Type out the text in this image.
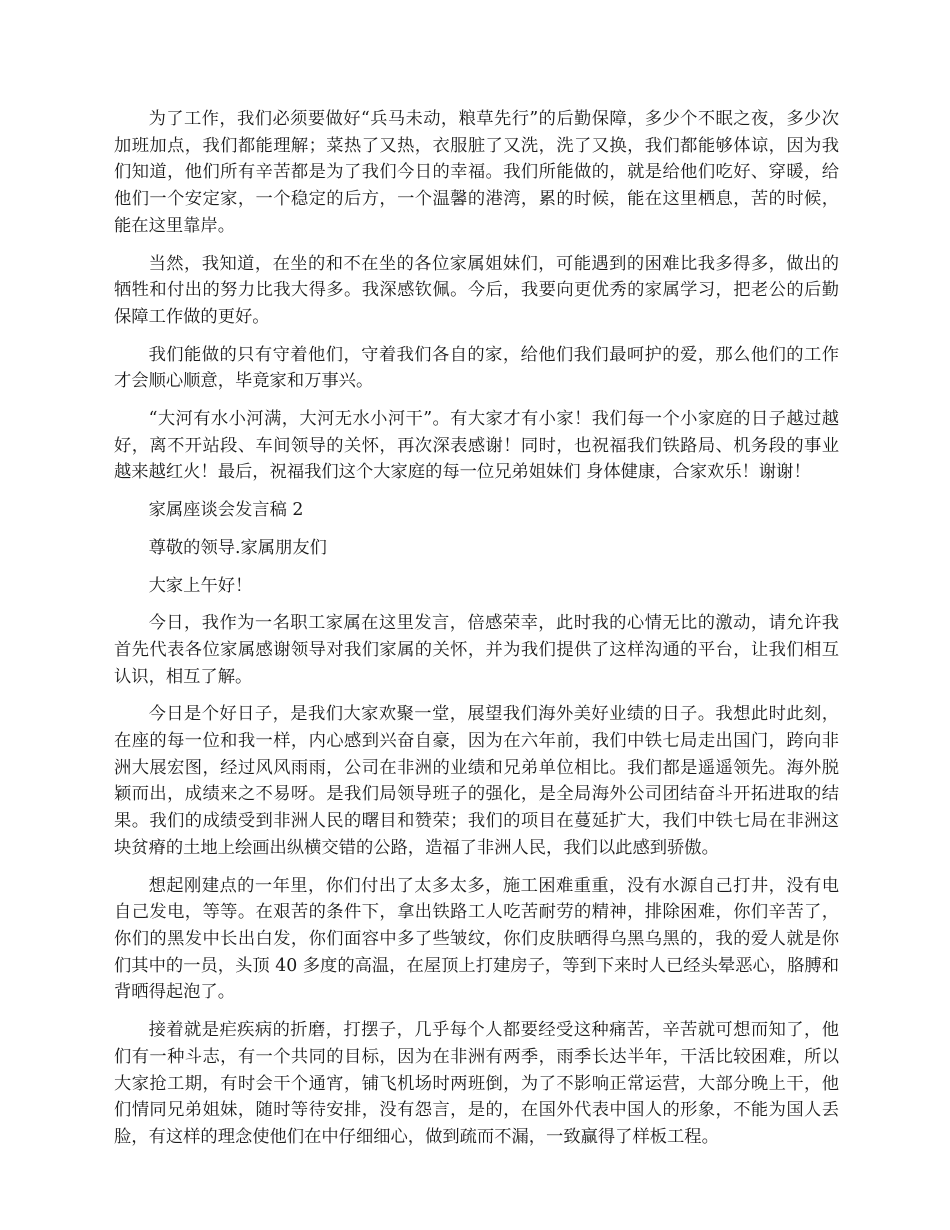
为了工作，我们必须要做好“兵马未动，粮草先行”的后勤保障，多少个不眠之夜，多少次加班加点，我们都能理解；菜热了又热，衣服脏了又洗，洗了又换，我们都能够体谅，因为我们知道，他们所有辛苦都是为了我们今日的幸福。我们所能做的，就是给他们吃好、穿暖，给他们一个安定家，一个稳定的后方，一个温馨的港湾，累的时候，能在这里栖息，苦的时候，能在这里靠岸。

当然，我知道，在坐的和不在坐的各位家属姐妹们，可能遇到的困难比我多得多，做出的牺牲和付出的努力比我大得多。我深感钦佩。今后，我要向更优秀的家属学习，把老公的后勤保障工作做的更好。

我们能做的只有守着他们，守着我们各自的家，给他们我们最呵护的爱，那么他们的工作才会顺心顺意，毕竟家和万事兴。

“大河有水小河满，大河无水小河干”。有大家才有小家！我们每一个小家庭的日子越过越好，离不开站段、车间领导的关怀，再次深表感谢！同时，也祝福我们铁路局、机务段的事业越来越红火！最后，祝福我们这个大家庭的每一位兄弟姐妹们 身体健康，合家欢乐！谢谢！

家属座谈会发言稿 2

尊敬的领导.家属朋友们

大家上午好！

今日，我作为一名职工家属在这里发言，倍感荣幸，此时我的心情无比的激动，请允许我首先代表各位家属感谢领导对我们家属的关怀，并为我们提供了这样沟通的平台，让我们相互认识，相互了解。

今日是个好日子，是我们大家欢聚一堂，展望我们海外美好业绩的日子。我想此时此刻，在座的每一位和我一样，内心感到兴奋自豪，因为在六年前，我们中铁七局走出国门，跨向非洲大展宏图，经过风风雨雨，公司在非洲的业绩和兄弟单位相比。我们都是遥遥领先。海外脱颖而出，成绩来之不易呀。是我们局领导班子的强化，是全局海外公司团结奋斗开拓进取的结果。我们的成绩受到非洲人民的曙目和赞荣；我们的项目在蔓延扩大，我们中铁七局在非洲这块贫瘠的土地上绘画出纵横交错的公路，造福了非洲人民，我们以此感到骄傲。

想起刚建点的一年里，你们付出了太多太多，施工困难重重，没有水源自己打井，没有电自己发电，等等。在艰苦的条件下，拿出铁路工人吃苦耐劳的精神，排除困难，你们辛苦了，你们的黑发中长出白发，你们面容中多了些皱纹，你们皮肤晒得乌黑乌黑的，我的爱人就是你们其中的一员，头顶 40 多度的高温，在屋顶上打建房子，等到下来时人已经头晕恶心，胳膊和背晒得起泡了。

接着就是疟疾病的折磨，打摆子，几乎每个人都要经受这种痛苦，辛苦就可想而知了，他们有一种斗志，有一个共同的目标，因为在非洲有两季，雨季长达半年，干活比较困难，所以大家抢工期，有时会干个通宵，铺飞机场时两班倒，为了不影响正常运营，大部分晚上干，他们情同兄弟姐妹，随时等待安排，没有怨言，是的，在国外代表中国人的形象，不能为国人丢脸，有这样的理念使他们在中仔细细心，做到疏而不漏，一致赢得了样板工程。
